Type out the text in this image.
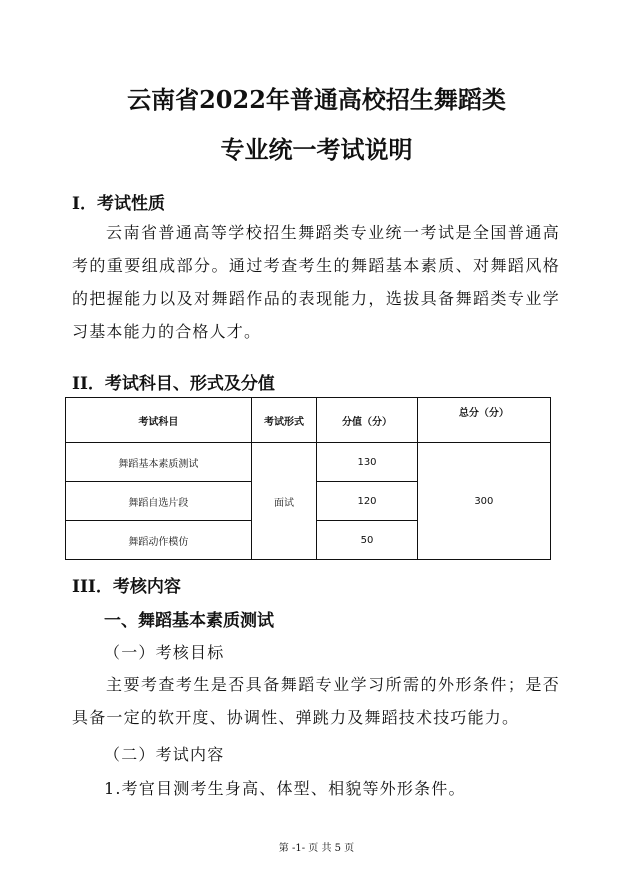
云南省2022年普通高校招生舞蹈类
专业统一考试说明
I．考试性质
云南省普通高等学校招生舞蹈类专业统一考试是全国普通高考的重要组成部分。通过考查考生的舞蹈基本素质、对舞蹈风格的把握能力以及对舞蹈作品的表现能力，选拔具备舞蹈类专业学习基本能力的合格人才。
II．考试科目、形式及分值
考试科目	考试形式	分值（分）	总分（分）
舞蹈基本素质测试	面试	130	300
舞蹈自选片段		120	
舞蹈动作模仿		50	
III．考核内容
一、舞蹈基本素质测试
（一）考核目标
主要考查考生是否具备舞蹈专业学习所需的外形条件；是否具备一定的软开度、协调性、弹跳力及舞蹈技术技巧能力。
（二）考试内容
1.考官目测考生身高、体型、相貌等外形条件。
第 -1- 页 共 5 页
